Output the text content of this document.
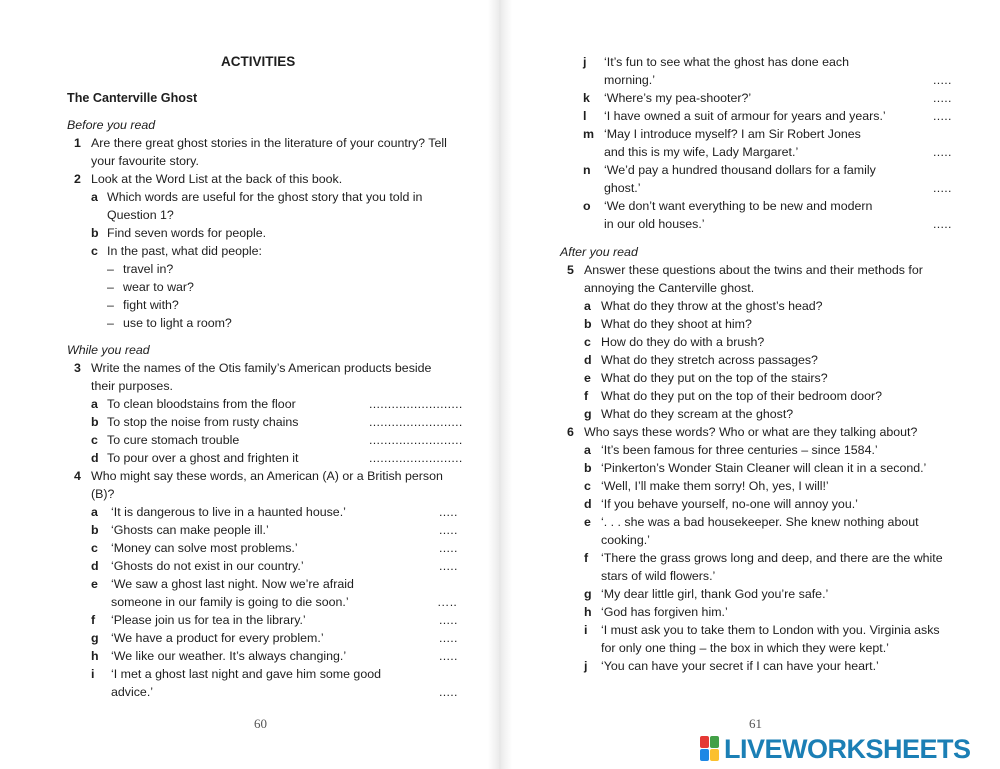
ACTIVITIES
The Canterville Ghost
Before you read
1 Are there great ghost stories in the literature of your country? Tell
your favourite story.
2 Look at the Word List at the back of this book.
a Which words are useful for the ghost story that you told in
Question 1?
b Find seven words for people.
c In the past, what did people:
– travel in?
– wear to war?
– fight with?
– use to light a room?
While you read
3 Write the names of the Otis family’s American products beside
their purposes.
a To clean bloodstains from the floor	.........................
b To stop the noise from rusty chains	.........................
c To cure stomach trouble	.........................
d To pour over a ghost and frighten it	.........................
4 Who might say these words, an American (A) or a British person
(B)?
a ‘It is dangerous to live in a haunted house.’	.....
b ‘Ghosts can make people ill.’	.....
c ‘Money can solve most problems.’	.....
d ‘Ghosts do not exist in our country.’	.....
e ‘We saw a ghost last night. Now we’re afraid
someone in our family is going to die soon.’	…..
f ‘Please join us for tea in the library.’	.....
g ‘We have a product for every problem.’	.....
h ‘We like our weather. It’s always changing.’	.....
i ‘I met a ghost last night and gave him some good
advice.’	.....
60
j ‘It’s fun to see what the ghost has done each
morning.’	.....
k ‘Where’s my pea-shooter?’	.....
l ‘I have owned a suit of armour for years and years.’	.....
m ‘May I introduce myself? I am Sir Robert Jones
and this is my wife, Lady Margaret.’	.....
n ‘We’d pay a hundred thousand dollars for a family
ghost.’	.....
o ‘We don’t want everything to be new and modern
in our old houses.’	.....
After you read
5 Answer these questions about the twins and their methods for
annoying the Canterville ghost.
a What do they throw at the ghost’s head?
b What do they shoot at him?
c How do they do with a brush?
d What do they stretch across passages?
e What do they put on the top of the stairs?
f What do they put on the top of their bedroom door?
g What do they scream at the ghost?
6 Who says these words? Who or what are they talking about?
a ‘It’s been famous for three centuries – since 1584.’
b ‘Pinkerton’s Wonder Stain Cleaner will clean it in a second.’
c ‘Well, I’ll make them sorry! Oh, yes, I will!’
d ‘If you behave yourself, no-one will annoy you.’
e ‘. . . she was a bad housekeeper. She knew nothing about
cooking.’
f ‘There the grass grows long and deep, and there are the white
stars of wild flowers.’
g ‘My dear little girl, thank God you’re safe.’
h ‘God has forgiven him.’
i ‘I must ask you to take them to London with you. Virginia asks
for only one thing – the box in which they were kept.’
j ‘You can have your secret if I can have your heart.’
61
LIVEWORKSHEETS
